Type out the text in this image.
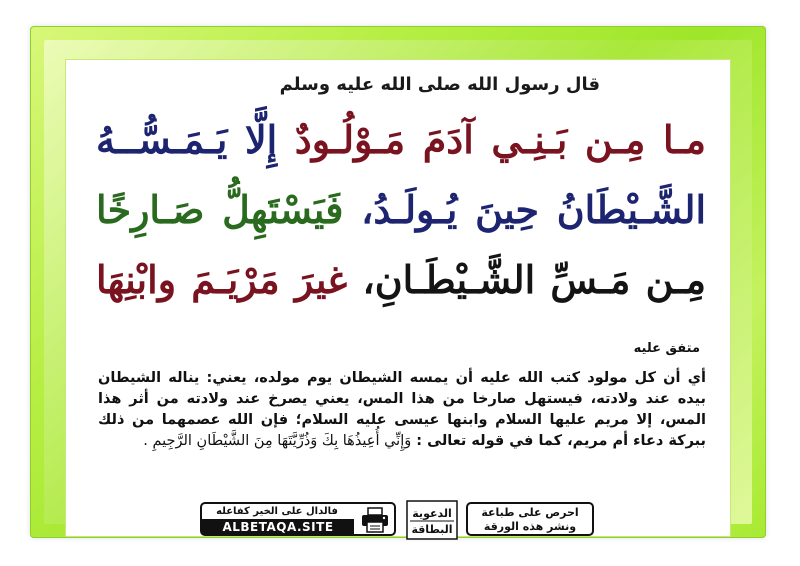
قال رسول الله صلى الله عليه وسلم
مـا مِـن بَـنِـي آدَمَ مَـوْلُـودٌ إِلَّا يَـمَـسُّــهُ
الشَّـيْطَانُ حِينَ يُـولَـدُ، فَيَسْتَهِلُّ صَـارِخًا
مِـن مَـسِّ الشَّـيْطَـانِ، غيرَ مَرْيَـمَ وابْنِهَا
متفق عليه
أي أن كل مولود كتب الله عليه أن يمسه الشيطان يوم مولده، يعني: يناله الشيطان بيده عند ولادته، فيستهل صارخا من هذا المس، يعني يصرخ عند ولادته من أثر هذا المس، إلا مريم عليها السلام وابنها عيسى عليه السلام؛ فإن الله عصمهما من ذلك ببركة دعاء أم مريم، كما في قوله تعالى : وَإِنِّي أُعِيذُهَا بِكَ وَذُرِّيَّتَهَا مِنَ الشَّيْطَانِ الرَّجِيمِ .
احرص على طباعة
ونشر هذه الورقة
الدعوية
البطاقة
فالدال على الخير كفاعله
ALBETAQA.SITE
